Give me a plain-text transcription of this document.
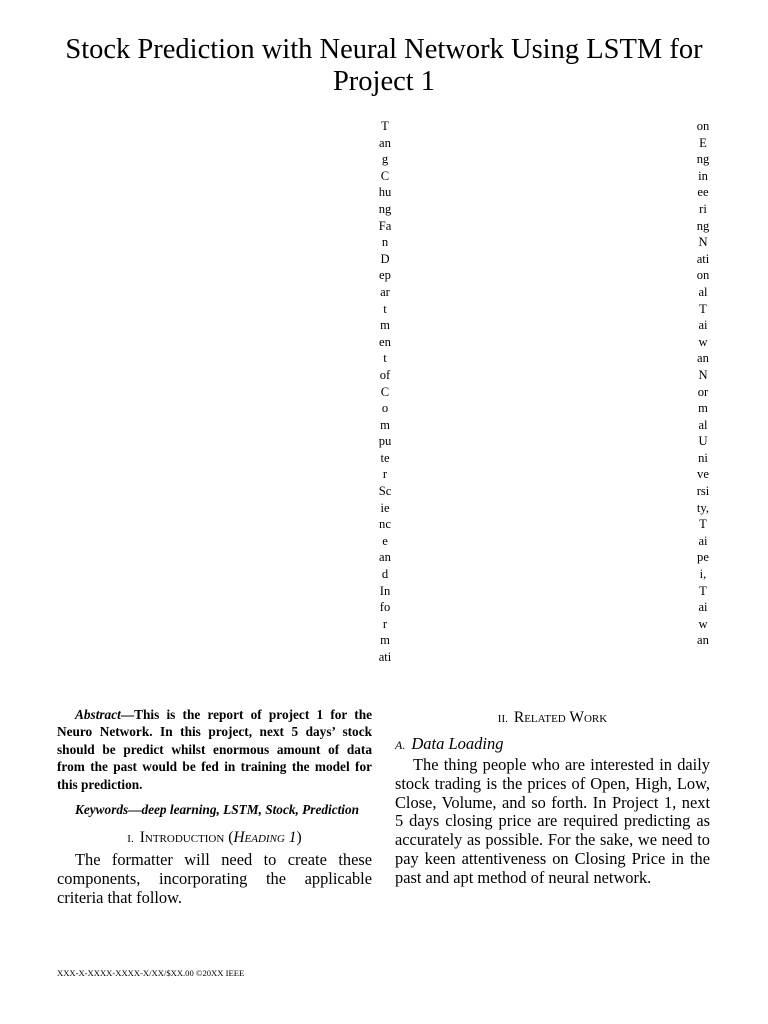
Stock Prediction with Neural Network Using LSTM for Project 1
T
an
g
C
hu
ng
Fa
n
D
ep
ar
t
m
en
t
of
C
o
m
pu
te
r
Sc
ie
nc
e
an
d
In
fo
r
m
ati
on
E
ng
in
ee
ri
ng
N
ati
on
al
T
ai
w
an
N
or
m
al
U
ni
ve
rsi
ty,
T
ai
pe
i,
T
ai
w
an

Abstract—This is the report of project 1 for the Neuro Network. In this project, next 5 days’ stock should be predict whilst enormous amount of data from the past would be fed in training the model for this prediction.

Keywords—deep learning, LSTM, Stock, Prediction

I. Introduction (Heading 1)

The formatter will need to create these components, incorporating the applicable criteria that follow.

II. Related Work
A. Data Loading

The thing people who are interested in daily stock trading is the prices of Open, High, Low, Close, Volume, and so forth. In Project 1, next 5 days closing price are required predicting as accurately as possible. For the sake, we need to pay keen attentiveness on Closing Price in the past and apt method of neural network.

XXX-X-XXXX-XXXX-X/XX/$XX.00 ©20XX IEEE
